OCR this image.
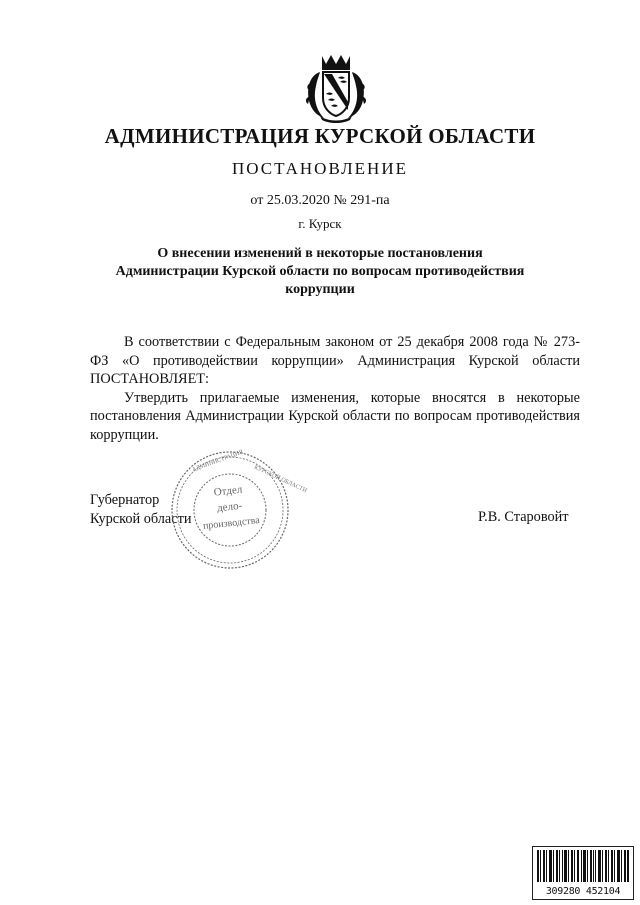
АДМИНИСТРАЦИЯ КУРСКОЙ ОБЛАСТИ
ПОСТАНОВЛЕНИЕ
от 25.03.2020 № 291-па
г. Курск
О внесении изменений в некоторые постановления
Администрации Курской области по вопросам противодействия
коррупции

В соответствии с Федеральным законом от 25 декабря 2008 года № 273-ФЗ «О противодействии коррупции» Администрация Курской области ПОСТАНОВЛЯЕТ:

Утвердить прилагаемые изменения, которые вносятся в некоторые постановления Администрации Курской области по вопросам противодействия коррупции.

Губернатор
Курской области	Р.В. Старовойт
АДМИНИСТРАЦИЯ
КУРСКОЙ ОБЛАСТИ
Отдел
дело-
производства
309280 452104
